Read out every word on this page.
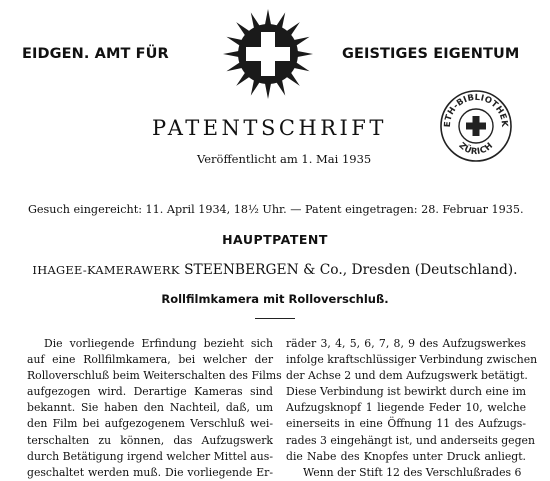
EIDGEN. AMT FÜR	GEISTIGES EIGENTUM
ETH-BIBLIOTHEK
ZÜRICH
PATENTSCHRIFT
Veröffentlicht am 1. Mai 1935
Gesuch eingereicht: 11. April 1934, 18½ Uhr. — Patent eingetragen: 28. Februar 1935.
HAUPTPATENT
IHAGEE-KAMERAWERK STEENBERGEN & Co., Dresden (Deutschland).
Rollfilmkamera mit Rolloverschluß.
Die vorliegende Erfindung bezieht sich
auf eine Rollfilmkamera, bei welcher der
Rolloverschluß beim Weiterschalten des Films
aufgezogen wird. Derartige Kameras sind
bekannt. Sie haben den Nachteil, daß, um
den Film bei aufgezogenem Verschluß wei-
terschalten zu können, das Aufzugswerk
durch Betätigung irgend welcher Mittel aus-
geschaltet werden muß. Die vorliegende Er-
räder 3, 4, 5, 6, 7, 8, 9 des Aufzugswerkes
infolge kraftschlüssiger Verbindung zwischen
der Achse 2 und dem Aufzugswerk betätigt.
Diese Verbindung ist bewirkt durch eine im
Aufzugsknopf 1 liegende Feder 10, welche
einerseits in eine Öffnung 11 des Aufzugs-
rades 3 eingehängt ist, und anderseits gegen
die Nabe des Knopfes unter Druck anliegt.
Wenn der Stift 12 des Verschlußrades 6
